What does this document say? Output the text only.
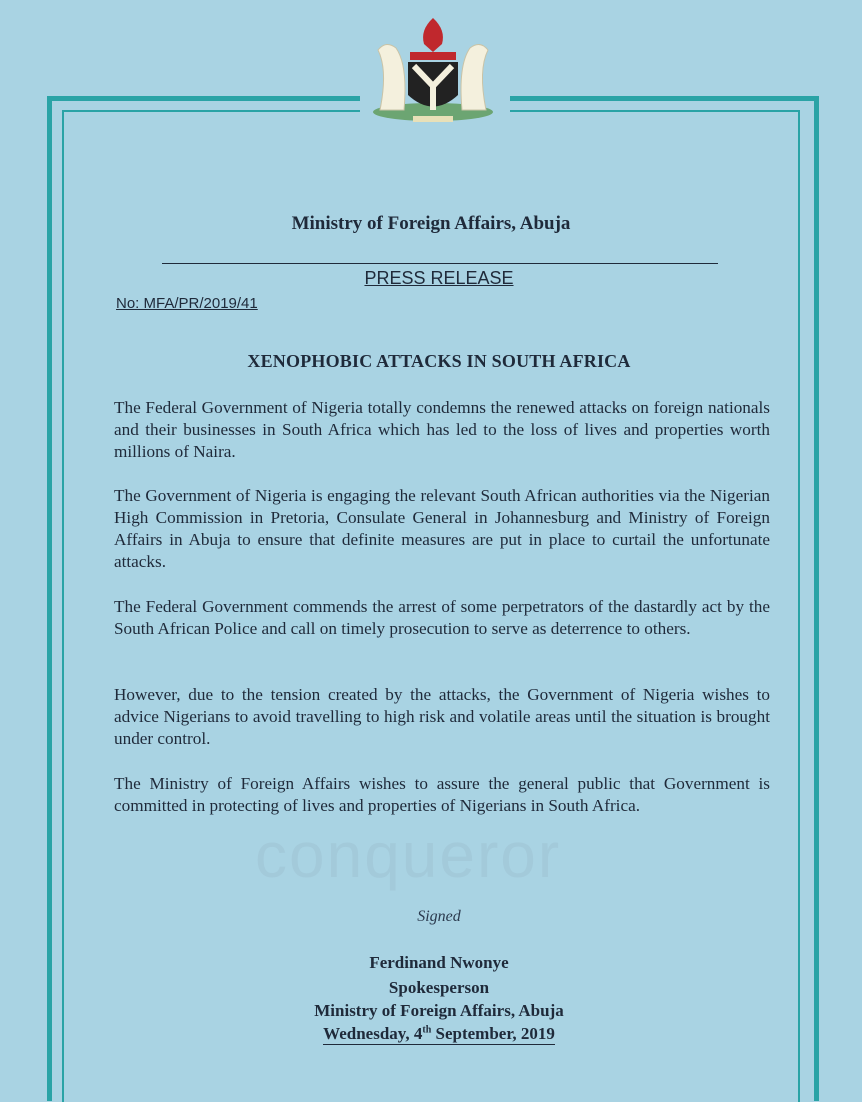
Ministry of Foreign Affairs, Abuja
PRESS RELEASE
No: MFA/PR/2019/41
XENOPHOBIC ATTACKS IN SOUTH AFRICA
conqueror

The Federal Government of Nigeria totally condemns the renewed attacks on foreign nationals and their businesses in South Africa which has led to the loss of lives and properties worth millions of Naira.

The Government of Nigeria is engaging the relevant South African authorities via the Nigerian High Commission in Pretoria, Consulate General in Johannesburg and Ministry of Foreign Affairs in Abuja to ensure that definite measures are put in place to curtail the unfortunate attacks.

The Federal Government commends the arrest of some perpetrators of the dastardly act by the South African Police and call on timely prosecution to serve as deterrence to others.

However, due to the tension created by the attacks, the Government of Nigeria wishes to advice Nigerians to avoid travelling to high risk and volatile areas until the situation is brought under control.

The Ministry of Foreign Affairs wishes to assure the general public that Government is committed in protecting of lives and properties of Nigerians in South Africa.

Signed
Ferdinand Nwonye
Spokesperson
Ministry of Foreign Affairs, Abuja
Wednesday, 4th September, 2019
